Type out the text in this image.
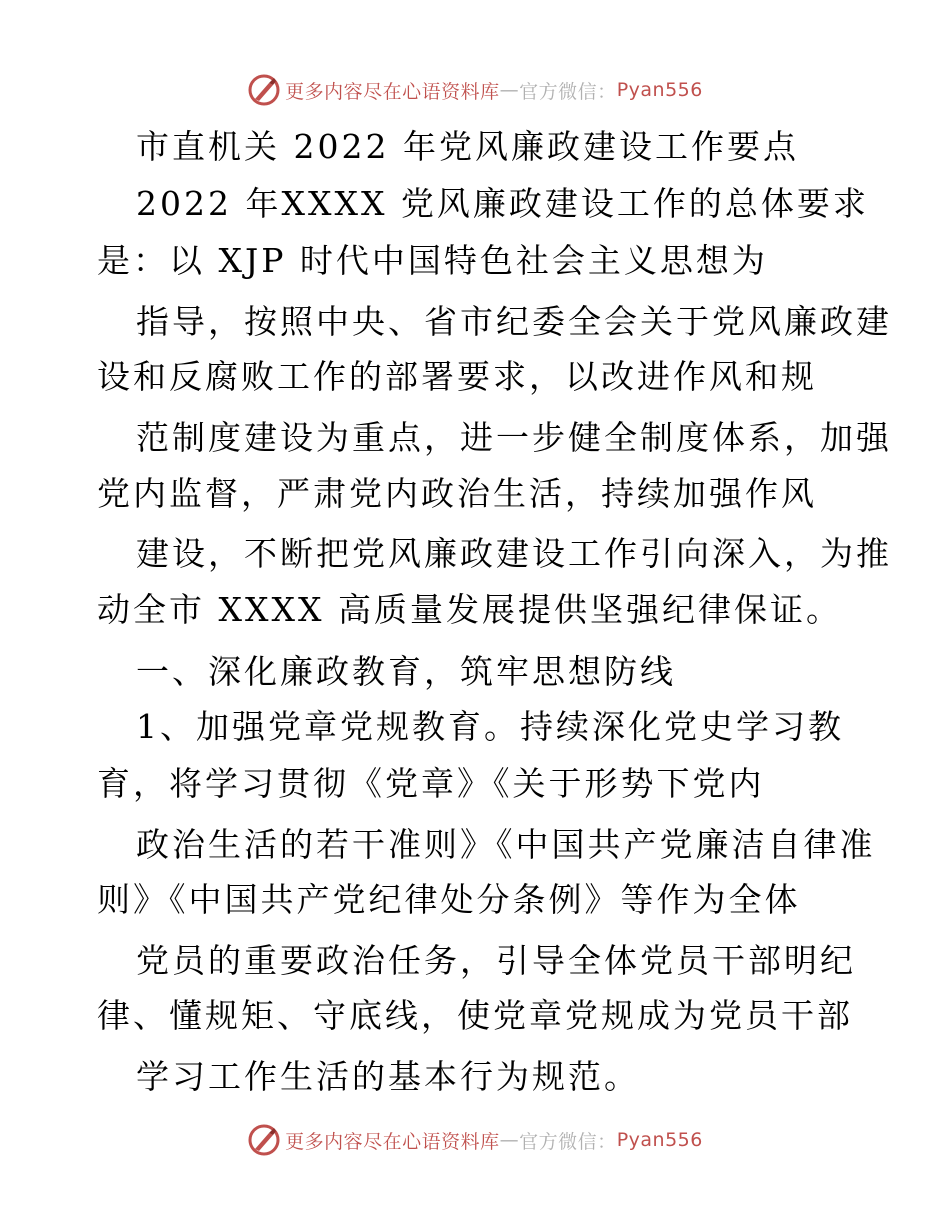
更多内容尽在心语资料库 — 官方微信： Pyan556
市直机关 2022 年党风廉政建设工作要点
2022 年XXXX 党风廉政建设工作的总体要求
是：以 XJP 时代中国特色社会主义思想为
指导，按照中央、省市纪委全会关于党风廉政建
设和反腐败工作的部署要求，以改进作风和规
范制度建设为重点，进一步健全制度体系，加强
党内监督，严肃党内政治生活，持续加强作风
建设，不断把党风廉政建设工作引向深入，为推
动全市 XXXX 高质量发展提供坚强纪律保证。
一、深化廉政教育，筑牢思想防线
1、加强党章党规教育。持续深化党史学习教
育，将学习贯彻《党章》《关于形势下党内
政治生活的若干准则》《中国共产党廉洁自律准
则》《中国共产党纪律处分条例》等作为全体
党员的重要政治任务，引导全体党员干部明纪
律、懂规矩、守底线，使党章党规成为党员干部
学习工作生活的基本行为规范。
更多内容尽在心语资料库 — 官方微信： Pyan556
